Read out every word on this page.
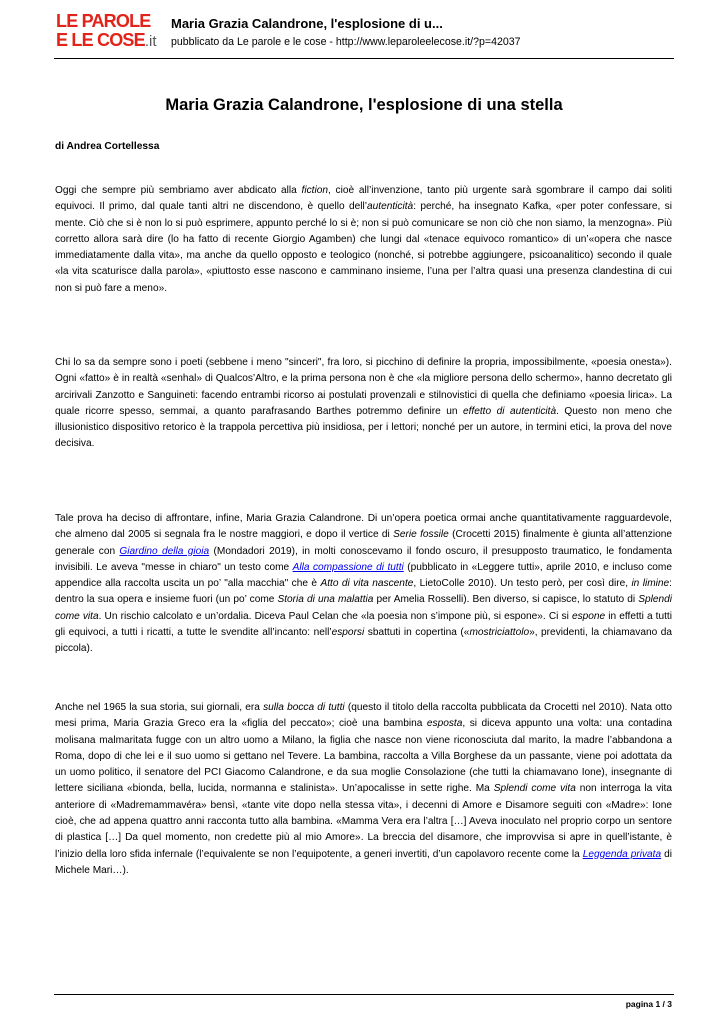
LE PAROLE
E LE COSE.it
Maria Grazia Calandrone, l'esplosione di u...
pubblicato da Le parole e le cose - http://www.leparoleelecose.it/?p=42037
Maria Grazia Calandrone, l'esplosione di una stella
di Andrea Cortellessa

Oggi che sempre più sembriamo aver abdicato alla fiction, cioè all’invenzione, tanto più urgente sarà sgombrare il campo dai soliti equivoci. Il primo, dal quale tanti altri ne discendono, è quello dell’autenticità: perché, ha insegnato Kafka, «per poter confessare, si mente. Ciò che si è non lo si può esprimere, appunto perché lo si è; non si può comunicare se non ciò che non siamo, la menzogna». Più corretto allora sarà dire (lo ha fatto di recente Giorgio Agamben) che lungi dal «tenace equivoco romantico» di un’«opera che nasce immediatamente dalla vita», ma anche da quello opposto e teologico (nonché, si potrebbe aggiungere, psicoanalitico) secondo il quale «la vita scaturisce dalla parola», «piuttosto esse nascono e camminano insieme, l’una per l’altra quasi una presenza clandestina di cui non si può fare a meno».

Chi lo sa da sempre sono i poeti (sebbene i meno "sinceri", fra loro, si picchino di definire la propria, impossibilmente, «poesia onesta»). Ogni «fatto» è in realtà «senhal» di Qualcos’Altro, e la prima persona non è che «la migliore persona dello schermo», hanno decretato gli arcirivali Zanzotto e Sanguineti: facendo entrambi ricorso ai postulati provenzali e stilnovistici di quella che definiamo «poesia lirica». La quale ricorre spesso, semmai, a quanto parafrasando Barthes potremmo definire un effetto di autenticità. Questo non meno che illusionistico dispositivo retorico è la trappola percettiva più insidiosa, per i lettori; nonché per un autore, in termini etici, la prova del nove decisiva.

Tale prova ha deciso di affrontare, infine, Maria Grazia Calandrone. Di un’opera poetica ormai anche quantitativamente ragguardevole, che almeno dal 2005 si segnala fra le nostre maggiori, e dopo il vertice di Serie fossile (Crocetti 2015) finalmente è giunta all’attenzione generale con Giardino della gioia (Mondadori 2019), in molti conoscevamo il fondo oscuro, il presupposto traumatico, le fondamenta invisibili. Le aveva "messe in chiaro" un testo come Alla compassione di tutti (pubblicato in «Leggere tutti», aprile 2010, e incluso come appendice alla raccolta uscita un po’ "alla macchia" che è Atto di vita nascente, LietoColle 2010). Un testo però, per così dire, in limine: dentro la sua opera e insieme fuori (un po’ come Storia di una malattia per Amelia Rosselli). Ben diverso, si capisce, lo statuto di Splendi come vita. Un rischio calcolato e un’ordalia. Diceva Paul Celan che «la poesia non s’impone più, si espone». Ci si espone in effetti a tutti gli equivoci, a tutti i ricatti, a tutte le svendite all’incanto: nell’esporsi sbattuti in copertina («mostriciattolo», previdenti, la chiamavano da piccola).

Anche nel 1965 la sua storia, sui giornali, era sulla bocca di tutti (questo il titolo della raccolta pubblicata da Crocetti nel 2010). Nata otto mesi prima, Maria Grazia Greco era la «figlia del peccato»; cioè una bambina esposta, si diceva appunto una volta: una contadina molisana malmaritata fugge con un altro uomo a Milano, la figlia che nasce non viene riconosciuta dal marito, la madre l’abbandona a Roma, dopo di che lei e il suo uomo si gettano nel Tevere. La bambina, raccolta a Villa Borghese da un passante, viene poi adottata da un uomo politico, il senatore del PCI Giacomo Calandrone, e da sua moglie Consolazione (che tutti la chiamavano Ione), insegnante di lettere siciliana «bionda, bella, lucida, normanna e stalinista». Un’apocalisse in sette righe. Ma Splendi come vita non interroga la vita anteriore di «Madremammavéra» bensì, «tante vite dopo nella stessa vita», i decenni di Amore e Disamore seguiti con «Madre»: Ione cioè, che ad appena quattro anni racconta tutto alla bambina. «Mamma Vera era l’altra […] Aveva inoculato nel proprio corpo un sentore di plastica […] Da quel momento, non credette più al mio Amore». La breccia del disamore, che improvvisa si apre in quell’istante, è l’inizio della loro sfida infernale (l’equivalente se non l’equipotente, a generi invertiti, d’un capolavoro recente come la Leggenda privata di Michele Mari…).

pagina 1 / 3
